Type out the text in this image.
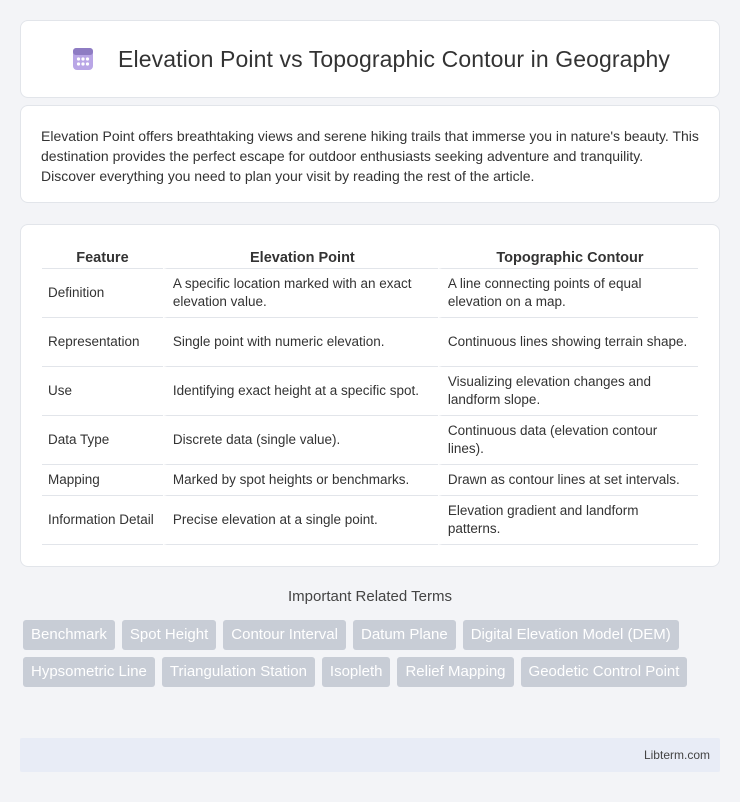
Elevation Point vs Topographic Contour in Geography

Elevation Point offers breathtaking views and serene hiking trails that immerse you in nature's beauty. This destination provides the perfect escape for outdoor enthusiasts seeking adventure and tranquility. Discover everything you need to plan your visit by reading the rest of the article.

Feature	Elevation Point	Topographic Contour
Definition	A specific location marked with an exact elevation value.	A line connecting points of equal elevation on a map.
Representation	Single point with numeric elevation.	Continuous lines showing terrain shape.
Use	Identifying exact height at a specific spot.	Visualizing elevation changes and landform slope.
Data Type	Discrete data (single value).	Continuous data (elevation contour lines).
Mapping	Marked by spot heights or benchmarks.	Drawn as contour lines at set intervals.
Information Detail	Precise elevation at a single point.	Elevation gradient and landform patterns.
Important Related Terms
Benchmark	Spot Height	Contour Interval	Datum Plane	Digital Elevation Model (DEM)
Hypsometric Line	Triangulation Station	Isopleth	Relief Mapping	Geodetic Control Point
Libterm.com
